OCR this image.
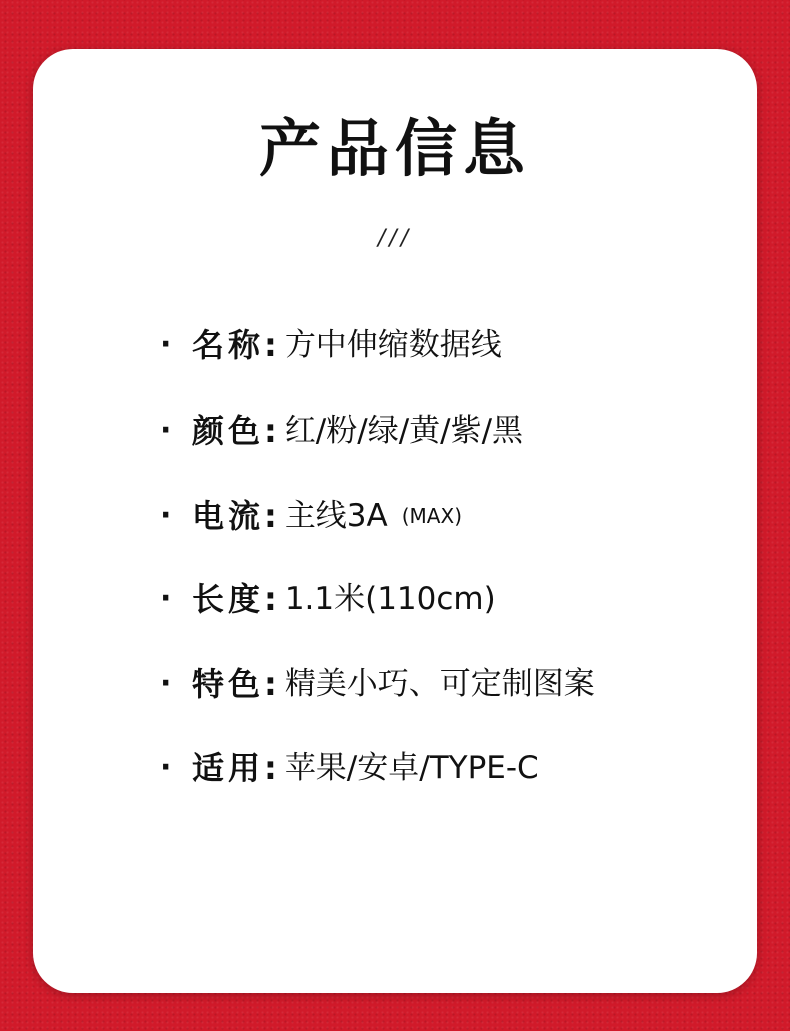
产品信息
///
· 名称: 方中伸缩数据线
· 颜色: 红/粉/绿/黄/紫/黑
· 电流: 主线3A (MAX)
· 长度: 1.1米(110cm)
· 特色: 精美小巧、可定制图案
· 适用: 苹果/安卓/TYPE-C
